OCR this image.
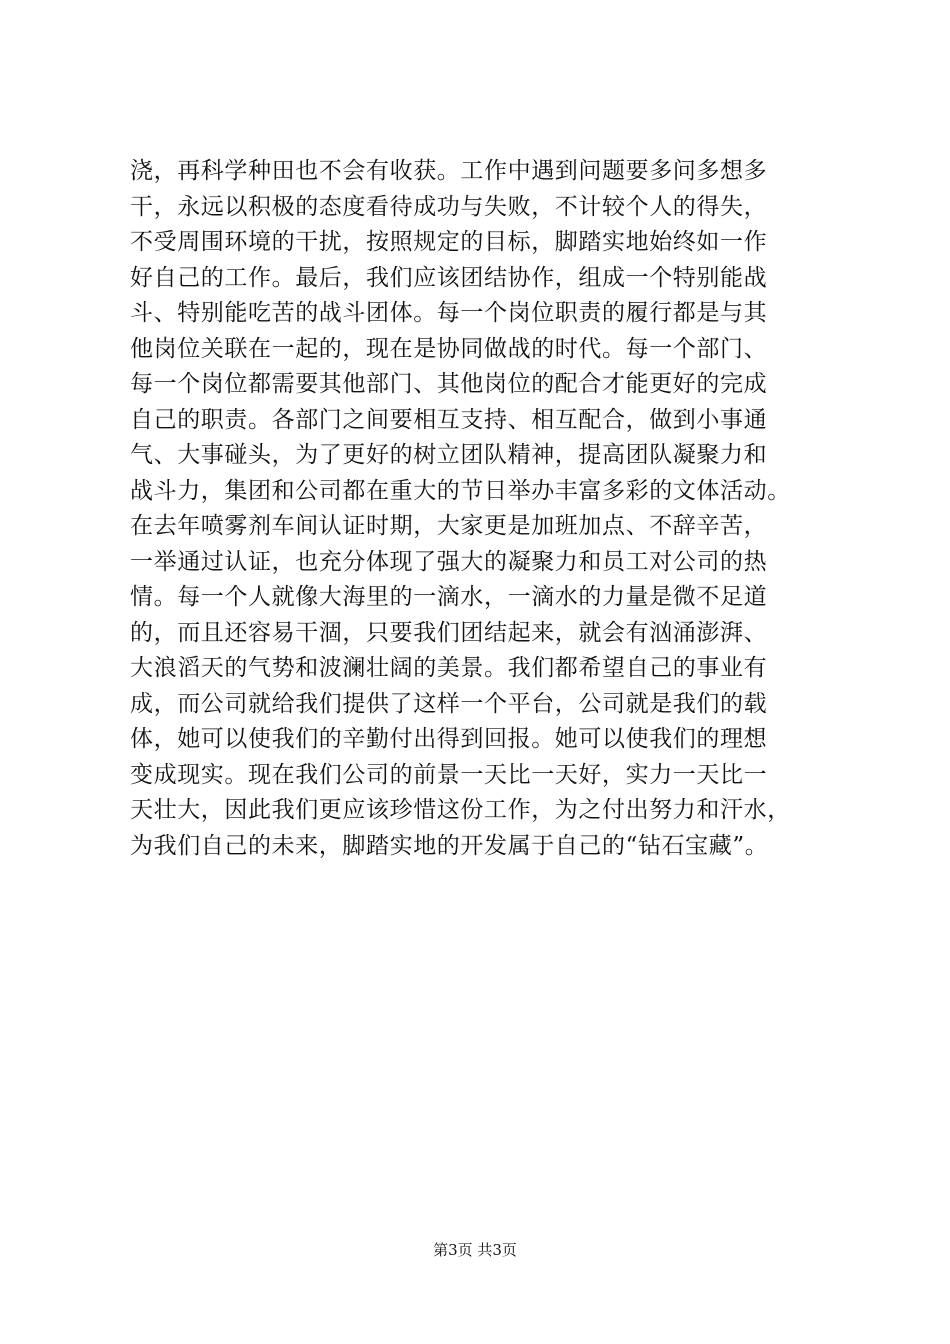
浇，再科学种田也不会有收获。工作中遇到问题要多问多想多
干，永远以积极的态度看待成功与失败，不计较个人的得失，
不受周围环境的干扰，按照规定的目标，脚踏实地始终如一作
好自己的工作。最后，我们应该团结协作，组成一个特别能战
斗、特别能吃苦的战斗团体。每一个岗位职责的履行都是与其
他岗位关联在一起的，现在是协同做战的时代。每一个部门、
每一个岗位都需要其他部门、其他岗位的配合才能更好的完成
自己的职责。各部门之间要相互支持、相互配合，做到小事通
气、大事碰头，为了更好的树立团队精神，提高团队凝聚力和
战斗力，集团和公司都在重大的节日举办丰富多彩的文体活动。
在去年喷雾剂车间认证时期，大家更是加班加点、不辞辛苦，
一举通过认证，也充分体现了强大的凝聚力和员工对公司的热
情。每一个人就像大海里的一滴水，一滴水的力量是微不足道
的，而且还容易干涸，只要我们团结起来，就会有汹涌澎湃、
大浪滔天的气势和波澜壮阔的美景。我们都希望自己的事业有
成，而公司就给我们提供了这样一个平台，公司就是我们的载
体，她可以使我们的辛勤付出得到回报。她可以使我们的理想
变成现实。现在我们公司的前景一天比一天好，实力一天比一
天壮大，因此我们更应该珍惜这份工作，为之付出努力和汗水，
为我们自己的未来，脚踏实地的开发属于自己的“钻石宝藏”。
第3页 共3页
